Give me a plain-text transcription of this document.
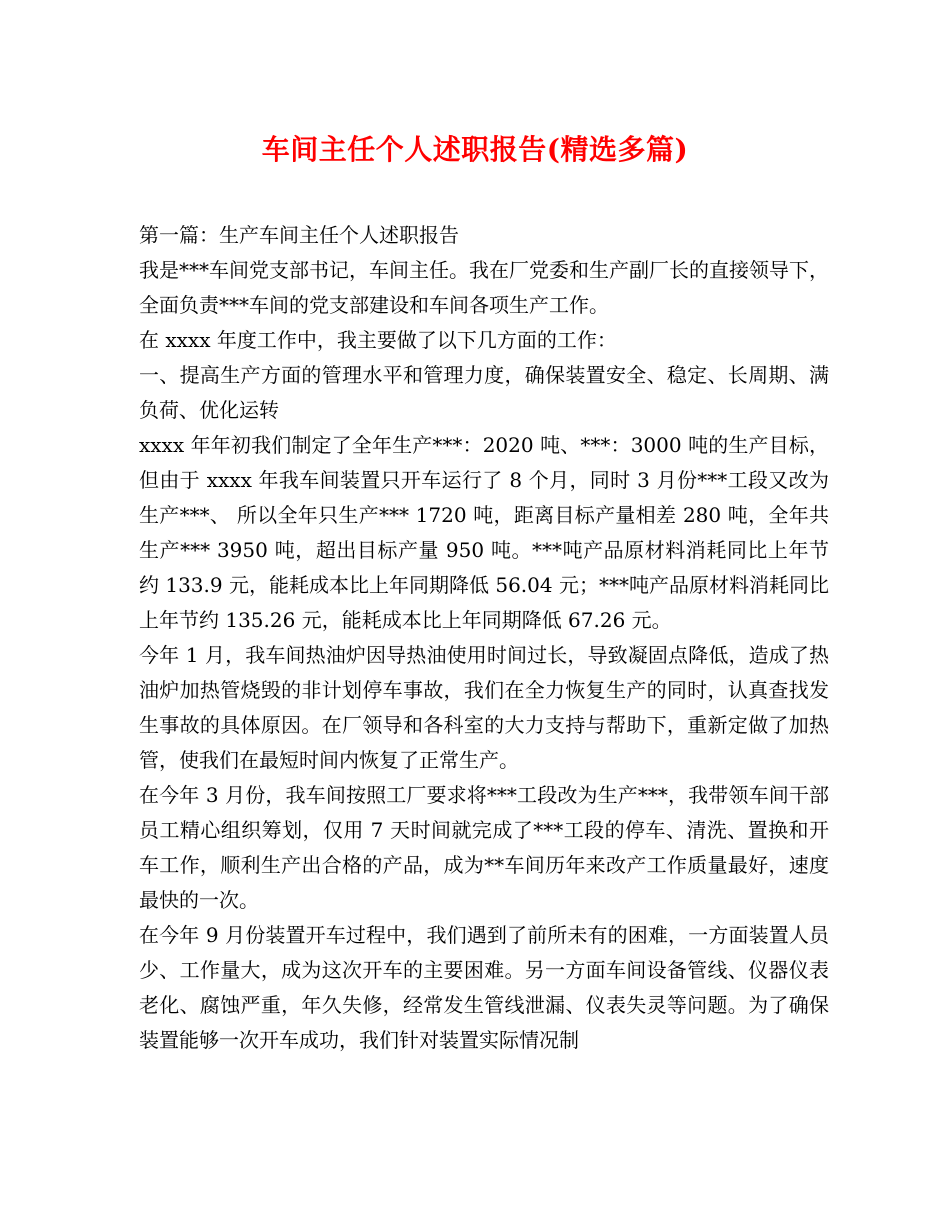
车间主任个人述职报告(精选多篇)

第一篇：生产车间主任个人述职报告

我是***车间党支部书记，车间主任。我在厂党委和生产副厂长的直接领导下，全面负责***车间的党支部建设和车间各项生产工作。

在 xxxx 年度工作中，我主要做了以下几方面的工作：

一、提高生产方面的管理水平和管理力度，确保装置安全、稳定、长周期、满负荷、优化运转

xxxx 年年初我们制定了全年生产***：2020 吨、***：3000 吨的生产目标，但由于 xxxx 年我车间装置只开车运行了 8 个月，同时 3 月份***工段又改为生产***、 所以全年只生产*** 1720 吨，距离目标产量相差 280 吨，全年共生产*** 3950 吨，超出目标产量 950 吨。***吨产品原材料消耗同比上年节约 133.9 元，能耗成本比上年同期降低 56.04 元；***吨产品原材料消耗同比上年节约 135.26 元，能耗成本比上年同期降低 67.26 元。

今年 1 月，我车间热油炉因导热油使用时间过长，导致凝固点降低，造成了热油炉加热管烧毁的非计划停车事故，我们在全力恢复生产的同时，认真查找发生事故的具体原因。在厂领导和各科室的大力支持与帮助下，重新定做了加热管，使我们在最短时间内恢复了正常生产。

在今年 3 月份，我车间按照工厂要求将***工段改为生产***，我带领车间干部员工精心组织筹划，仅用 7 天时间就完成了***工段的停车、清洗、置换和开车工作，顺利生产出合格的产品，成为**车间历年来改产工作质量最好，速度最快的一次。

在今年 9 月份装置开车过程中，我们遇到了前所未有的困难，一方面装置人员少、工作量大，成为这次开车的主要困难。另一方面车间设备管线、仪器仪表老化、腐蚀严重，年久失修，经常发生管线泄漏、仪表失灵等问题。为了确保装置能够一次开车成功，我们针对装置实际情况制
